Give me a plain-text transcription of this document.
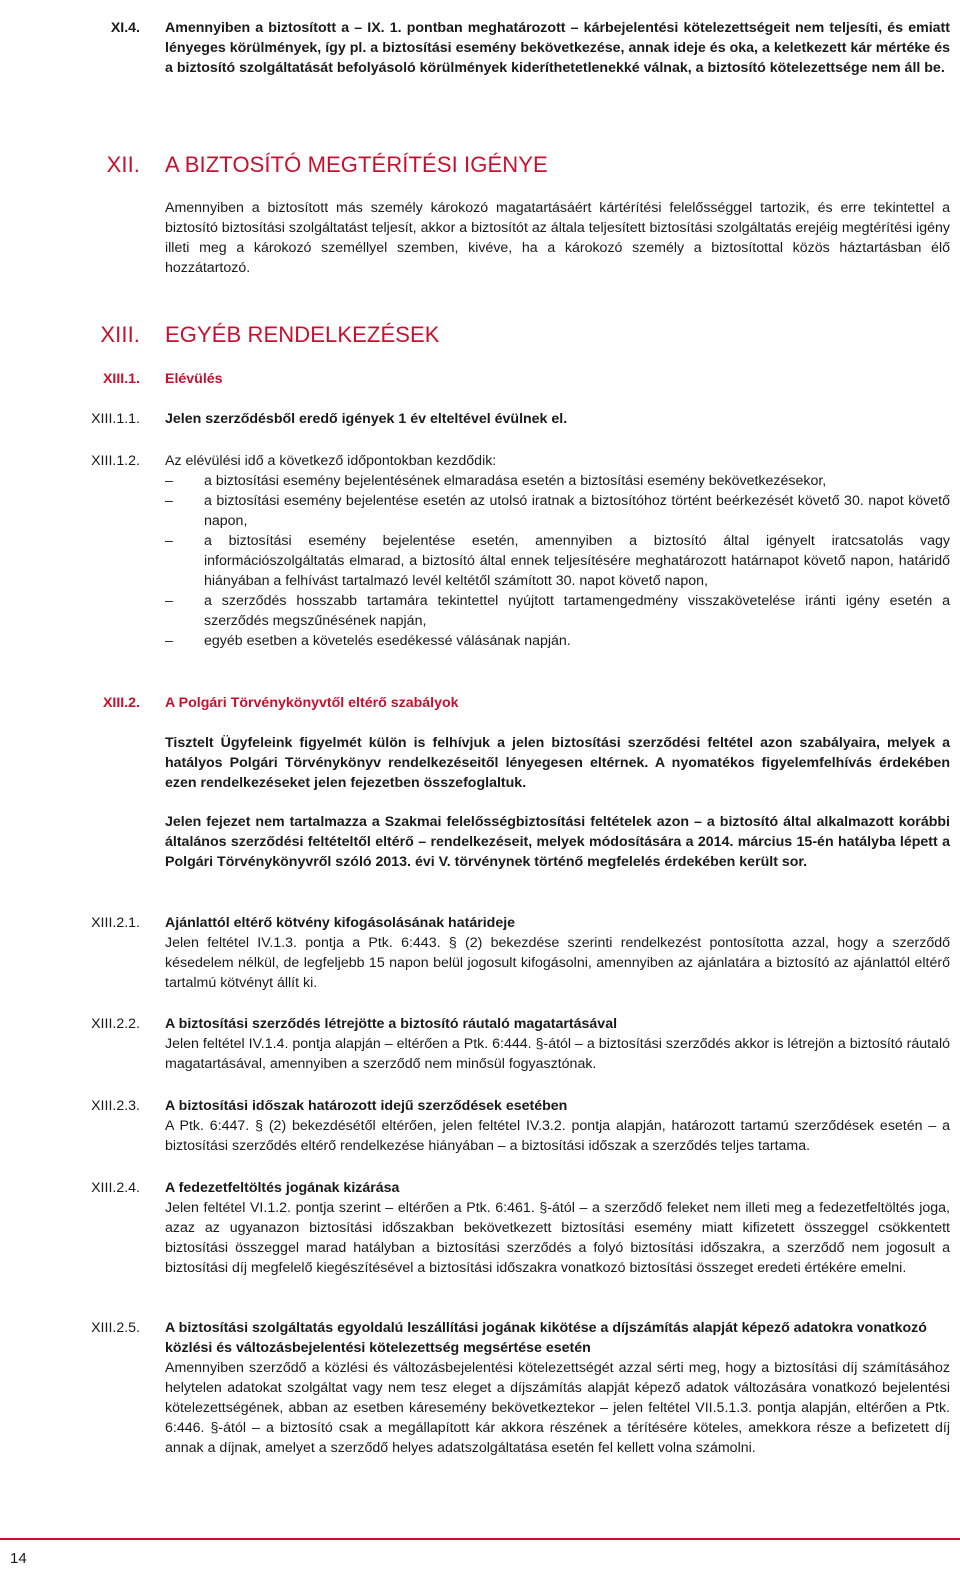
XI.4. Amennyiben a biztosított a – IX. 1. pontban meghatározott – kárbejelentési kötelezettségeit nem teljesíti, és emiatt lényeges körülmények, így pl. a biztosítási esemény bekövetkezése, annak ideje és oka, a keletkezett kár mértéke és a biztosító szolgáltatását befolyásoló körülmények kideríthetetlenekké válnak, a biztosító kötelezettsége nem áll be.

XII. A BIZTOSÍTÓ MEGTÉRÍTÉSI IGÉNYE

Amennyiben a biztosított más személy károkozó magatartásáért kártérítési felelősséggel tartozik, és erre tekintettel a biztosító biztosítási szolgáltatást teljesít, akkor a biztosítót az általa teljesített biztosítási szolgáltatás erejéig megtérítési igény illeti meg a károkozó személlyel szemben, kivéve, ha a károkozó személy a biztosítottal közös háztartásban élő hozzátartozó.

XIII. EGYÉB RENDELKEZÉSEK
XIII.1. Elévülés
XIII.1.1. Jelen szerződésből eredő igények 1 év elteltével évülnek el.

XIII.1.2. Az elévülési idő a következő időpontokban kezdődik:

– a biztosítási esemény bejelentésének elmaradása esetén a biztosítási esemény bekövetkezésekor,
– a biztosítási esemény bejelentése esetén az utolsó iratnak a biztosítóhoz történt beérkezését követő 30. napot követő napon,
– a biztosítási esemény bejelentése esetén, amennyiben a biztosító által igényelt iratcsatolás vagy információszolgáltatás elmarad, a biztosító által ennek teljesítésére meghatározott határnapot követő napon, határidő hiányában a felhívást tartalmazó levél keltétől számított 30. napot követő napon,
– a szerződés hosszabb tartamára tekintettel nyújtott tartamengedmény visszakövetelése iránti igény esetén a szerződés megszűnésének napján,
– egyéb esetben a követelés esedékessé válásának napján.
XIII.2. A Polgári Törvénykönyvtől eltérő szabályok

Tisztelt Ügyfeleink figyelmét külön is felhívjuk a jelen biztosítási szerződési feltétel azon szabályaira, melyek a hatályos Polgári Törvénykönyv rendelkezéseitől lényegesen eltérnek. A nyomatékos figyelemfelhívás érdekében ezen rendelkezéseket jelen fejezetben összefoglaltuk.

Jelen fejezet nem tartalmazza a Szakmai felelősségbiztosítási feltételek azon – a biztosító által alkalmazott korábbi általános szerződési feltételtől eltérő – rendelkezéseit, melyek módosítására a 2014. március 15-én hatályba lépett a Polgári Törvénykönyvről szóló 2013. évi V. törvénynek történő megfelelés érdekében került sor.

XIII.2.1. Ajánlattól eltérő kötvény kifogásolásának határideje

Jelen feltétel IV.1.3. pontja a Ptk. 6:443. § (2) bekezdése szerinti rendelkezést pontosította azzal, hogy a szerződő késedelem nélkül, de legfeljebb 15 napon belül jogosult kifogásolni, amennyiben az ajánlatára a biztosító az ajánlattól eltérő tartalmú kötvényt állít ki.

XIII.2.2. A biztosítási szerződés létrejötte a biztosító ráutaló magatartásával

Jelen feltétel IV.1.4. pontja alapján – eltérően a Ptk. 6:444. §-ától – a biztosítási szerződés akkor is létrejön a biztosító ráutaló magatartásával, amennyiben a szerződő nem minősül fogyasztónak.

XIII.2.3. A biztosítási időszak határozott idejű szerződések esetében

A Ptk. 6:447. § (2) bekezdésétől eltérően, jelen feltétel IV.3.2. pontja alapján, határozott tartamú szerződések esetén – a biztosítási szerződés eltérő rendelkezése hiányában – a biztosítási időszak a szerződés teljes tartama.

XIII.2.4. A fedezetfeltöltés jogának kizárása

Jelen feltétel VI.1.2. pontja szerint – eltérően a Ptk. 6:461. §-ától – a szerződő feleket nem illeti meg a fedezetfeltöltés joga, azaz az ugyanazon biztosítási időszakban bekövetkezett biztosítási esemény miatt kifizetett összeggel csökkentett biztosítási összeggel marad hatályban a biztosítási szerződés a folyó biztosítási időszakra, a szerződő nem jogosult a biztosítási díj megfelelő kiegészítésével a biztosítási időszakra vonatkozó biztosítási összeget eredeti értékére emelni.

XIII.2.5. A biztosítási szolgáltatás egyoldalú leszállítási jogának kikötése a díjszámítás alapját képező adatokra vonatkozó közlési és változásbejelentési kötelezettség megsértése esetén

Amennyiben szerződő a közlési és változásbejelentési kötelezettségét azzal sérti meg, hogy a biztosítási díj számításához helytelen adatokat szolgáltat vagy nem tesz eleget a díjszámítás alapját képező adatok változására vonatkozó bejelentési kötelezettségének, abban az esetben káresemény bekövetkeztekor – jelen feltétel VII.5.1.3. pontja alapján, eltérően a Ptk. 6:446. §-ától – a biztosító csak a megállapított kár akkora részének a térítésére köteles, amekkora része a befizetett díj annak a díjnak, amelyet a szerződő helyes adatszolgáltatása esetén fel kellett volna számolni.

14
